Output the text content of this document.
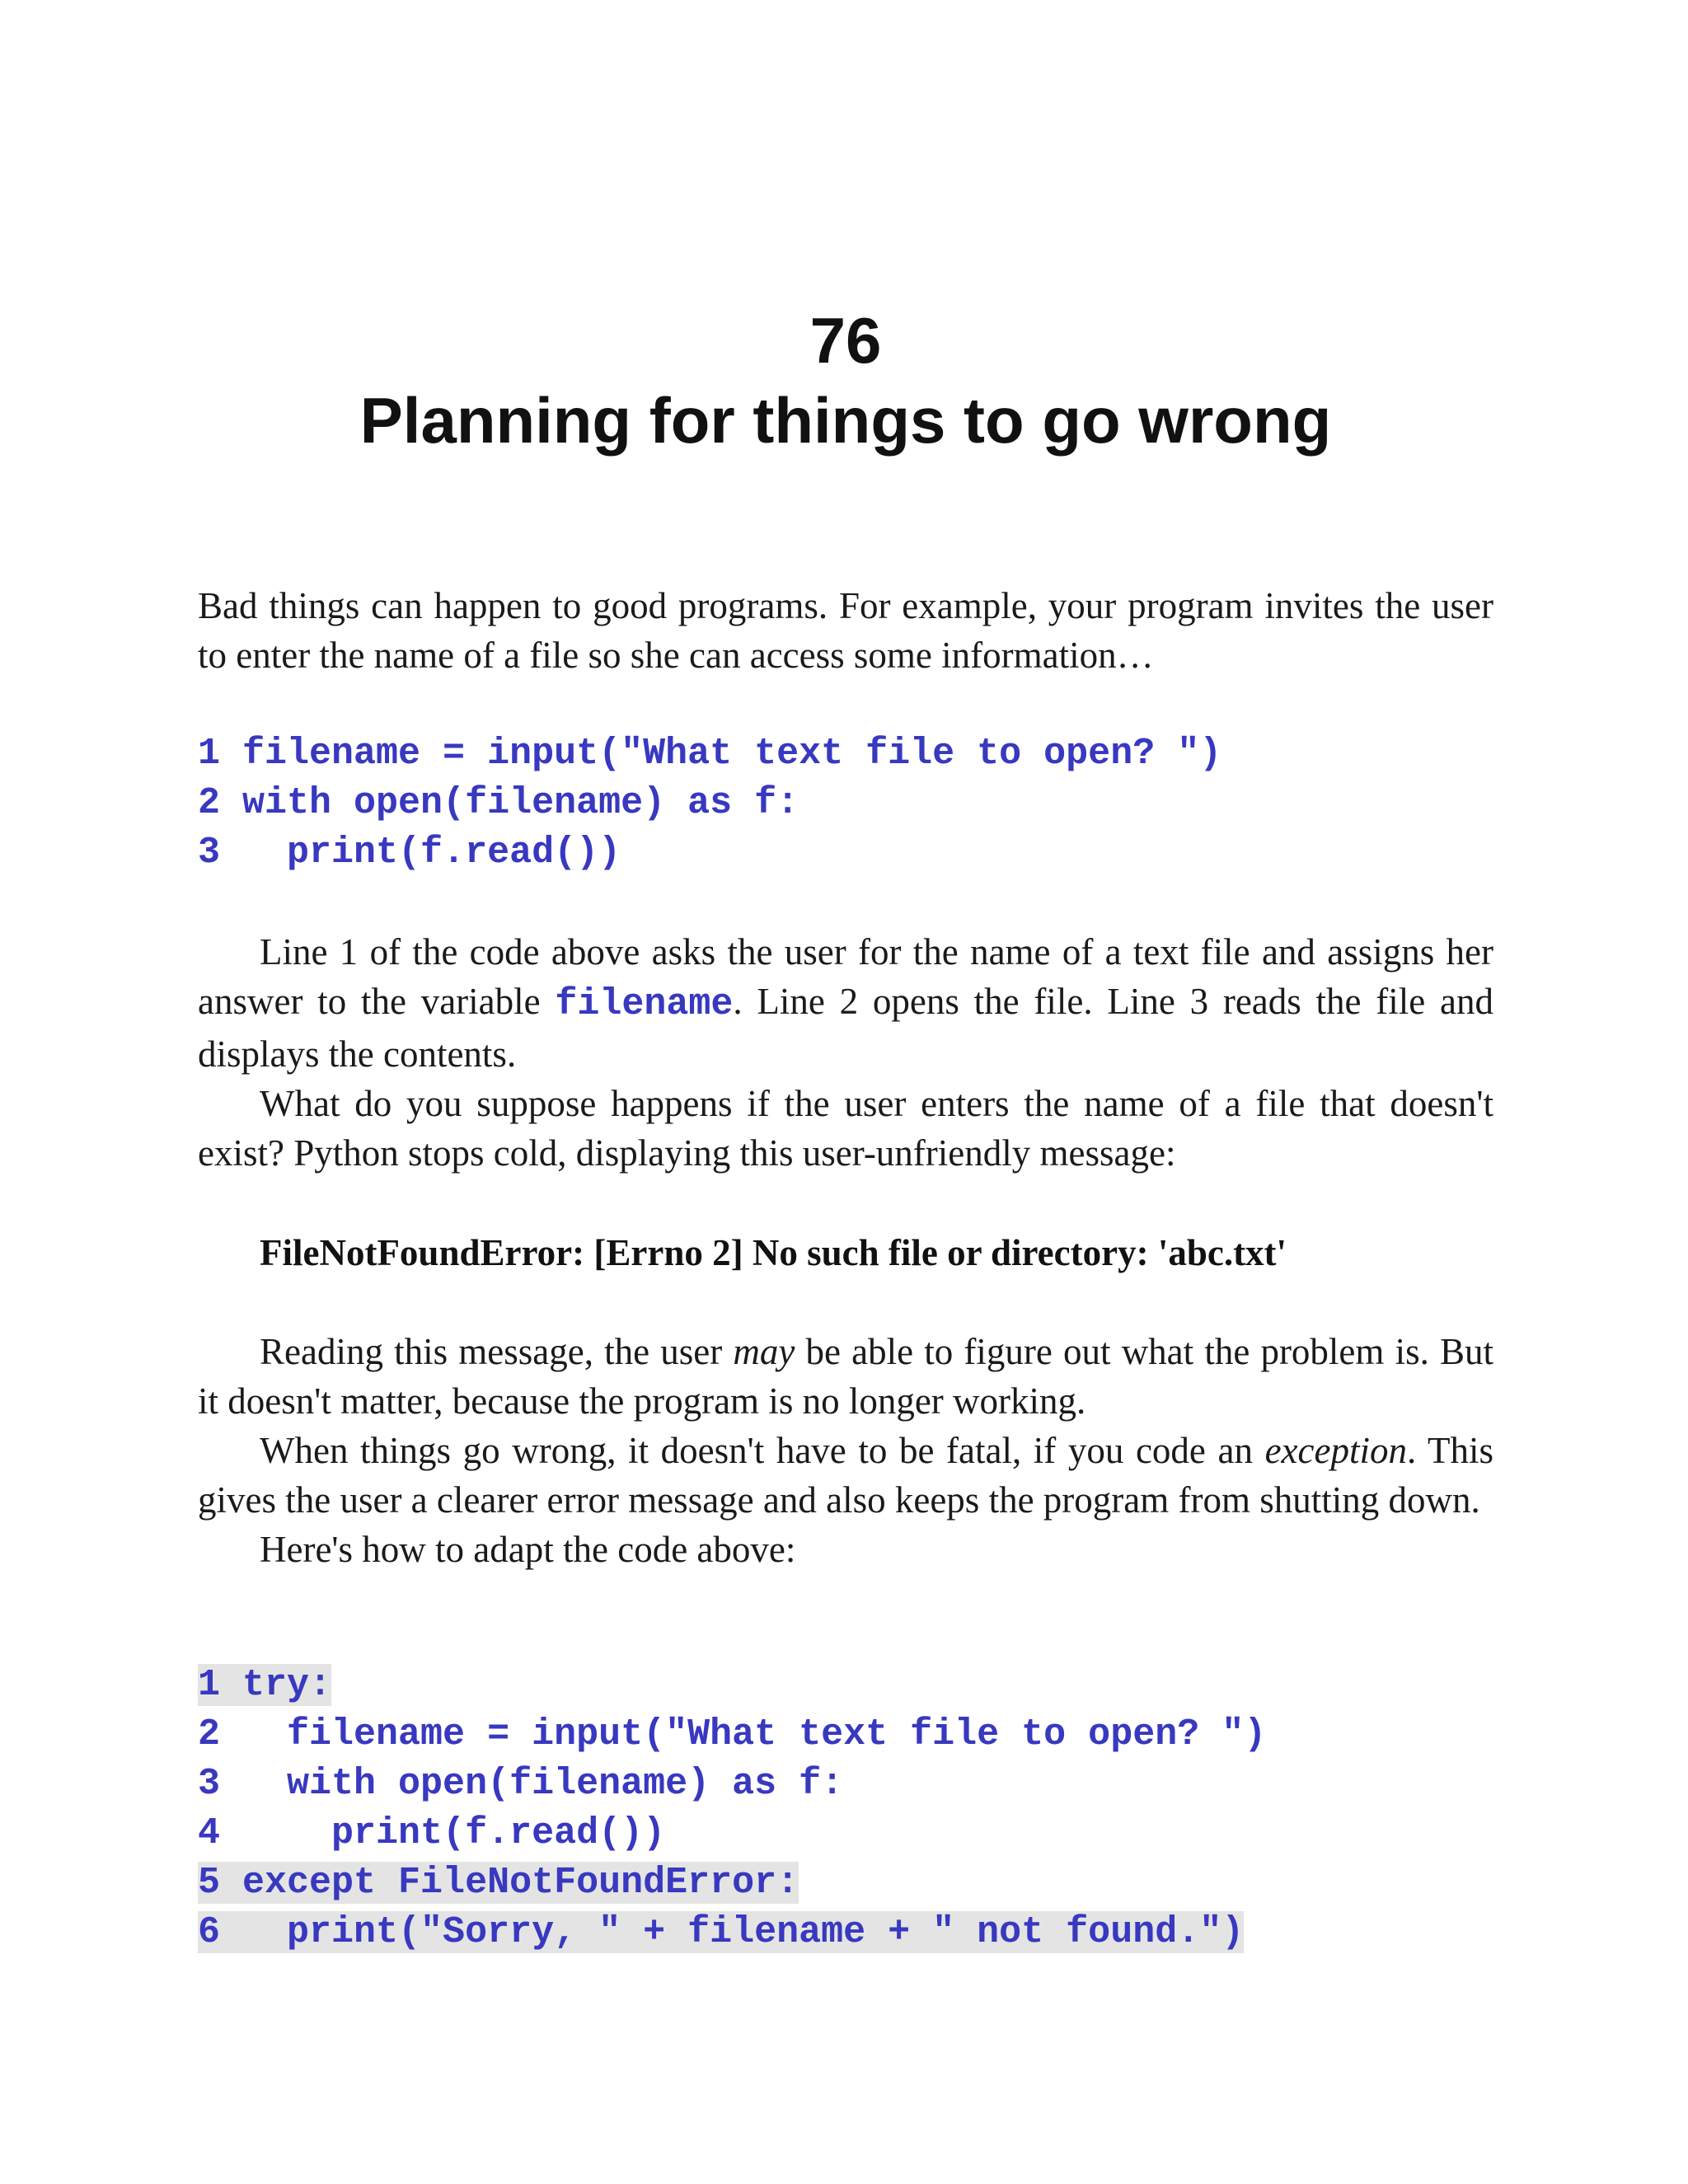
76
Planning for things to go wrong

Bad things can happen to good programs. For example, your program invites the user to enter the name of a file so she can access some information…

1 filename = input("What text file to open? ")
2 with open(filename) as f:
3   print(f.read())

Line 1 of the code above asks the user for the name of a text file and assigns her answer to the variable filename. Line 2 opens the file. Line 3 reads the file and displays the contents.

What do you suppose happens if the user enters the name of a file that doesn't exist? Python stops cold, displaying this user-unfriendly message:

FileNotFoundError: [Errno 2] No such file or directory: 'abc.txt'

Reading this message, the user may be able to figure out what the problem is. But it doesn't matter, because the program is no longer working.

When things go wrong, it doesn't have to be fatal, if you code an exception. This gives the user a clearer error message and also keeps the program from shutting down.

Here's how to adapt the code above:

1 try:
2   filename = input("What text file to open? ")
3   with open(filename) as f:
4     print(f.read())
5 except FileNotFoundError:
6   print("Sorry, " + filename + " not found.")
